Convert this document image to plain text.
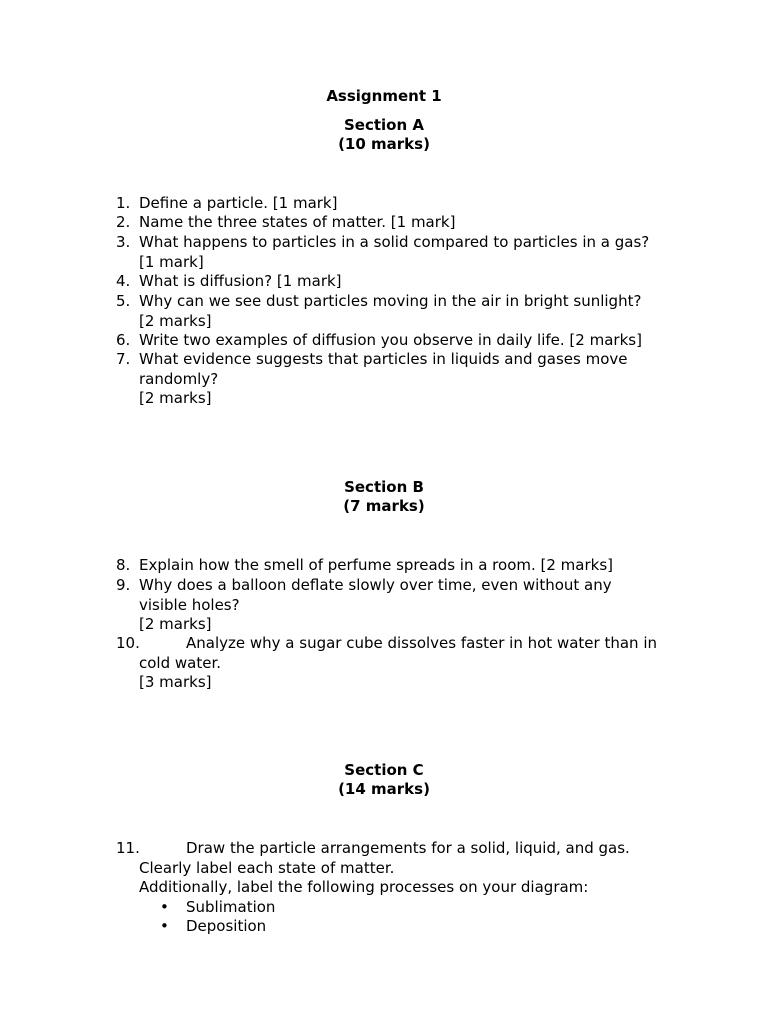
Assignment 1
Section A
(10 marks)
1. Define a particle. [1 mark]
2. Name the three states of matter. [1 mark]
3. What happens to particles in a solid compared to particles in a gas?
[1 mark]
4. What is diffusion? [1 mark]
5. Why can we see dust particles moving in the air in bright sunlight?
[2 marks]
6. Write two examples of diffusion you observe in daily life. [2 marks]
7. What evidence suggests that particles in liquids and gases move
randomly?
[2 marks]
Section B
(7 marks)
8. Explain how the smell of perfume spreads in a room. [2 marks]
9. Why does a balloon deflate slowly over time, even without any
visible holes?
[2 marks]
10.	Analyze why a sugar cube dissolves faster in hot water than in
cold water.
[3 marks]
Section C
(14 marks)
11.	Draw the particle arrangements for a solid, liquid, and gas.
Clearly label each state of matter.
Additionally, label the following processes on your diagram:
• Sublimation
• Deposition
